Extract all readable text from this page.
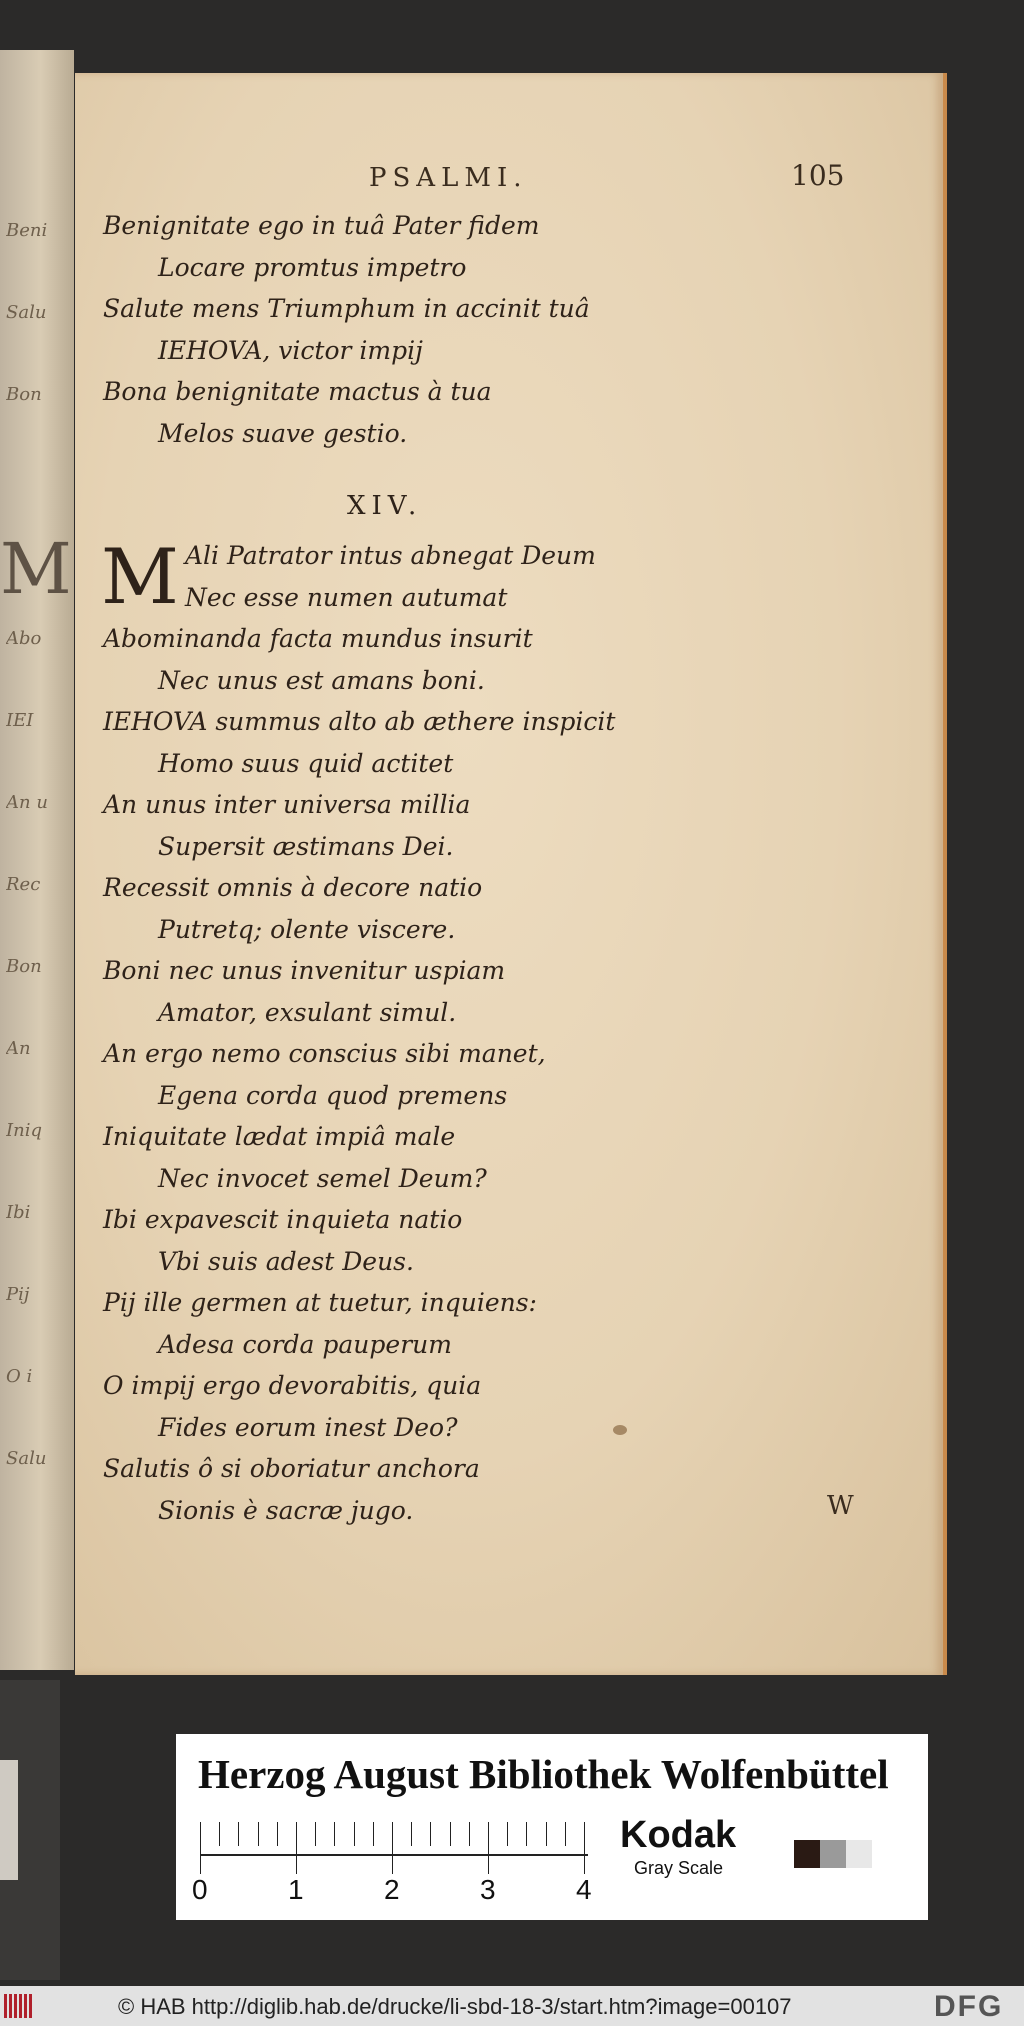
Beni
Salu
Bon
M
Abo
IEI
An u
Rec
Bon
An
Iniq
Ibi
Pij
O i
Salu
PSALMI.	105
Benignitate ego in tuâ Pater fidem
Locare promtus impetro
Salute mens Triumphum in accinit tuâ
IEHOVA, victor impij
Bona benignitate mactus à tua
Melos suave gestio.
XIV.
M Ali Patrator intus abnegat Deum
Nec esse numen autumat
Abominanda facta mundus insurit
Nec unus est amans boni.
IEHOVA summus alto ab æthere inspicit
Homo suus quid actitet
An unus inter universa millia
Supersit æstimans Dei.
Recessit omnis à decore natio
Putretq; olente viscere.
Boni nec unus invenitur uspiam
Amator, exsulant simul.
An ergo nemo conscius sibi manet,
Egena corda quod premens
Iniquitate lædat impiâ male
Nec invocet semel Deum?
Ibi expavescit inquieta natio
Vbi suis adest Deus.
Pij ille germen at tuetur, inquiens:
Adesa corda pauperum
O impij ergo devorabitis, quia
Fides eorum inest Deo?
Salutis ô si oboriatur anchora
Sionis è sacræ jugo.	W
Herzog August Bibliothek Wolfenbüttel
0	1	2	3	4
Kodak
Gray Scale
© HAB http://diglib.hab.de/drucke/li-sbd-18-3/start.htm?image=00107	DFG
